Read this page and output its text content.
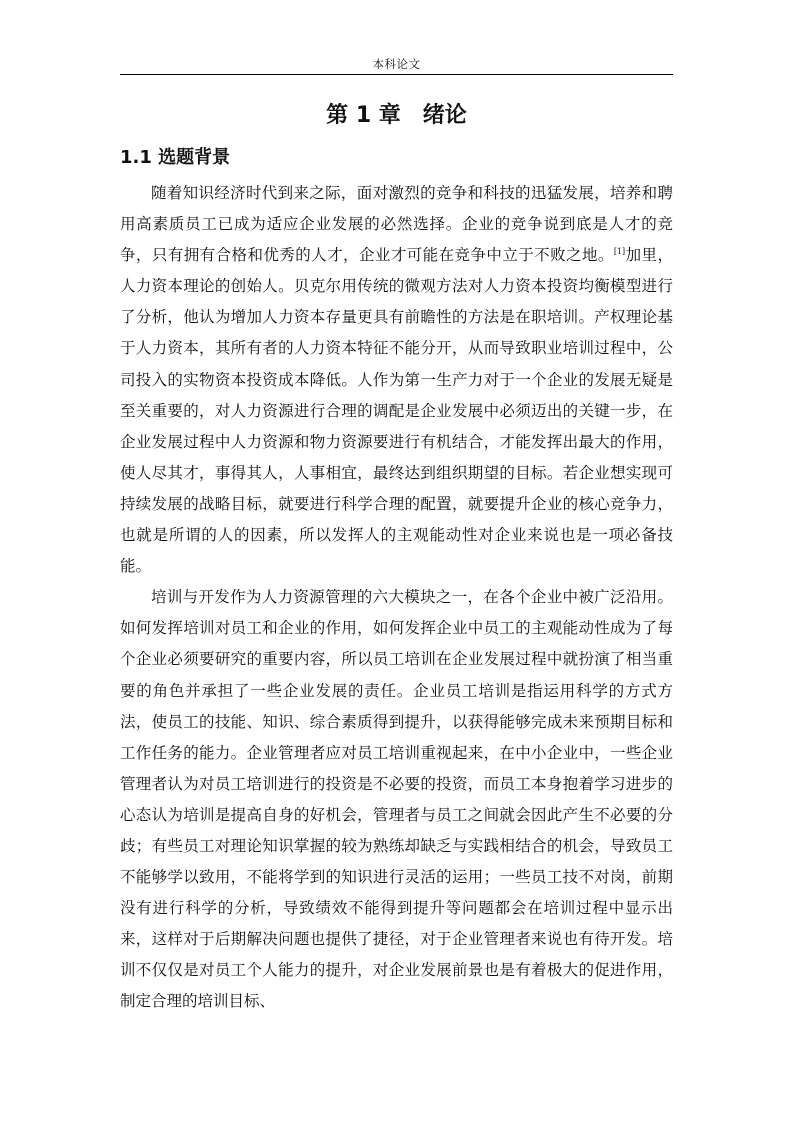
本科论文
第 1 章　绪论
1.1 选题背景

随着知识经济时代到来之际，面对激烈的竞争和科技的迅猛发展，培养和聘用高素质员工已成为适应企业发展的必然选择。企业的竞争说到底是人才的竞争，只有拥有合格和优秀的人才，企业才可能在竞争中立于不败之地。[1]加里，人力资本理论的创始人。贝克尔用传统的微观方法对人力资本投资均衡模型进行了分析，他认为增加人力资本存量更具有前瞻性的方法是在职培训。产权理论基于人力资本，其所有者的人力资本特征不能分开，从而导致职业培训过程中，公司投入的实物资本投资成本降低。人作为第一生产力对于一个企业的发展无疑是至关重要的，对人力资源进行合理的调配是企业发展中必须迈出的关键一步，在企业发展过程中人力资源和物力资源要进行有机结合，才能发挥出最大的作用，使人尽其才，事得其人，人事相宜，最终达到组织期望的目标。若企业想实现可持续发展的战略目标，就要进行科学合理的配置，就要提升企业的核心竞争力，也就是所谓的人的因素，所以发挥人的主观能动性对企业来说也是一项必备技能。

培训与开发作为人力资源管理的六大模块之一，在各个企业中被广泛沿用。如何发挥培训对员工和企业的作用，如何发挥企业中员工的主观能动性成为了每个企业必须要研究的重要内容，所以员工培训在企业发展过程中就扮演了相当重要的角色并承担了一些企业发展的责任。企业员工培训是指运用科学的方式方法，使员工的技能、知识、综合素质得到提升，以获得能够完成未来预期目标和工作任务的能力。企业管理者应对员工培训重视起来，在中小企业中，一些企业管理者认为对员工培训进行的投资是不必要的投资，而员工本身抱着学习进步的心态认为培训是提高自身的好机会，管理者与员工之间就会因此产生不必要的分歧；有些员工对理论知识掌握的较为熟练却缺乏与实践相结合的机会，导致员工不能够学以致用，不能将学到的知识进行灵活的运用；一些员工技不对岗，前期没有进行科学的分析，导致绩效不能得到提升等问题都会在培训过程中显示出来，这样对于后期解决问题也提供了捷径，对于企业管理者来说也有待开发。培训不仅仅是对员工个人能力的提升，对企业发展前景也是有着极大的促进作用，制定合理的培训目标、
